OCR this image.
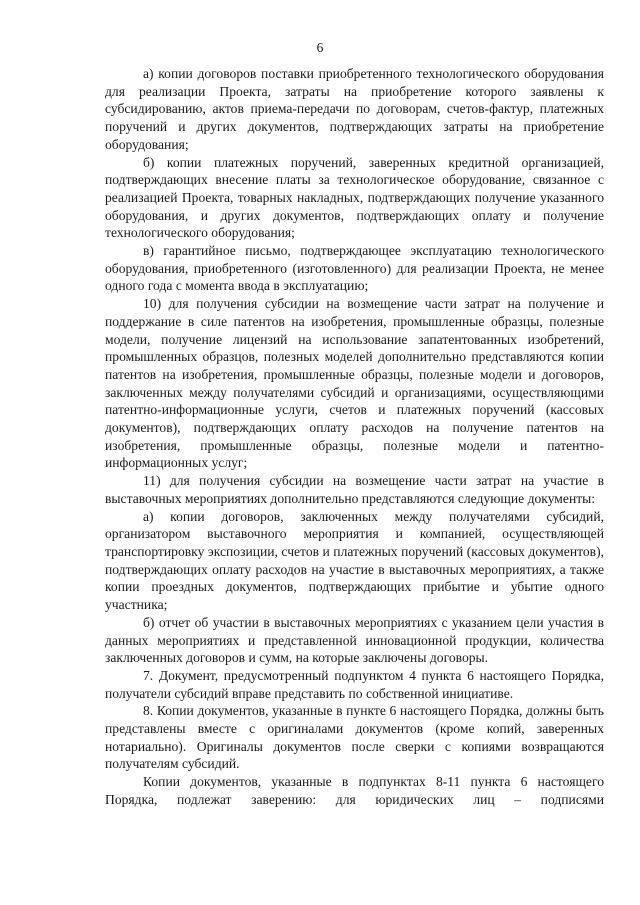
6

а) копии договоров поставки приобретенного технологического оборудования для реализации Проекта, затраты на приобретение которого заявлены к субсидированию, актов приема-передачи по договорам, счетов-фактур, платежных поручений и других документов, подтверждающих затраты на приобретение оборудования;

б) копии платежных поручений, заверенных кредитной организацией, подтверждающих внесение платы за технологическое оборудование, связанное с реализацией Проекта, товарных накладных, подтверждающих получение указанного оборудования, и других документов, подтверждающих оплату и получение технологического оборудования;

в) гарантийное письмо, подтверждающее эксплуатацию технологического оборудования, приобретенного (изготовленного) для реализации Проекта, не менее одного года с момента ввода в эксплуатацию;

10) для получения субсидии на возмещение части затрат на получение и поддержание в силе патентов на изобретения, промышленные образцы, полезные модели, получение лицензий на использование запатентованных изобретений, промышленных образцов, полезных моделей дополнительно представляются копии патентов на изобретения, промышленные образцы, полезные модели и договоров, заключенных между получателями субсидий и организациями, осуществляющими патентно-информационные услуги, счетов и платежных поручений (кассовых документов), подтверждающих оплату расходов на получение патентов на изобретения, промышленные образцы, полезные модели и патентно-информационных услуг;

11) для получения субсидии на возмещение части затрат на участие в выставочных мероприятиях дополнительно представляются следующие документы:

а) копии договоров, заключенных между получателями субсидий, организатором выставочного мероприятия и компанией, осуществляющей транспортировку экспозиции, счетов и платежных поручений (кассовых документов), подтверждающих оплату расходов на участие в выставочных мероприятиях, а также копии проездных документов, подтверждающих прибытие и убытие одного участника;

б) отчет об участии в выставочных мероприятиях с указанием цели участия в данных мероприятиях и представленной инновационной продукции, количества заключенных договоров и сумм, на которые заключены договоры.

7. Документ, предусмотренный подпунктом 4 пункта 6 настоящего Порядка, получатели субсидий вправе представить по собственной инициативе.

8. Копии документов, указанные в пункте 6 настоящего Порядка, должны быть представлены вместе с оригиналами документов (кроме копий, заверенных нотариально). Оригиналы документов после сверки с копиями возвращаются получателям субсидий.

Копии документов, указанные в подпунктах 8-11 пункта 6 настоящего Порядка, подлежат заверению: для юридических лиц – подписями
